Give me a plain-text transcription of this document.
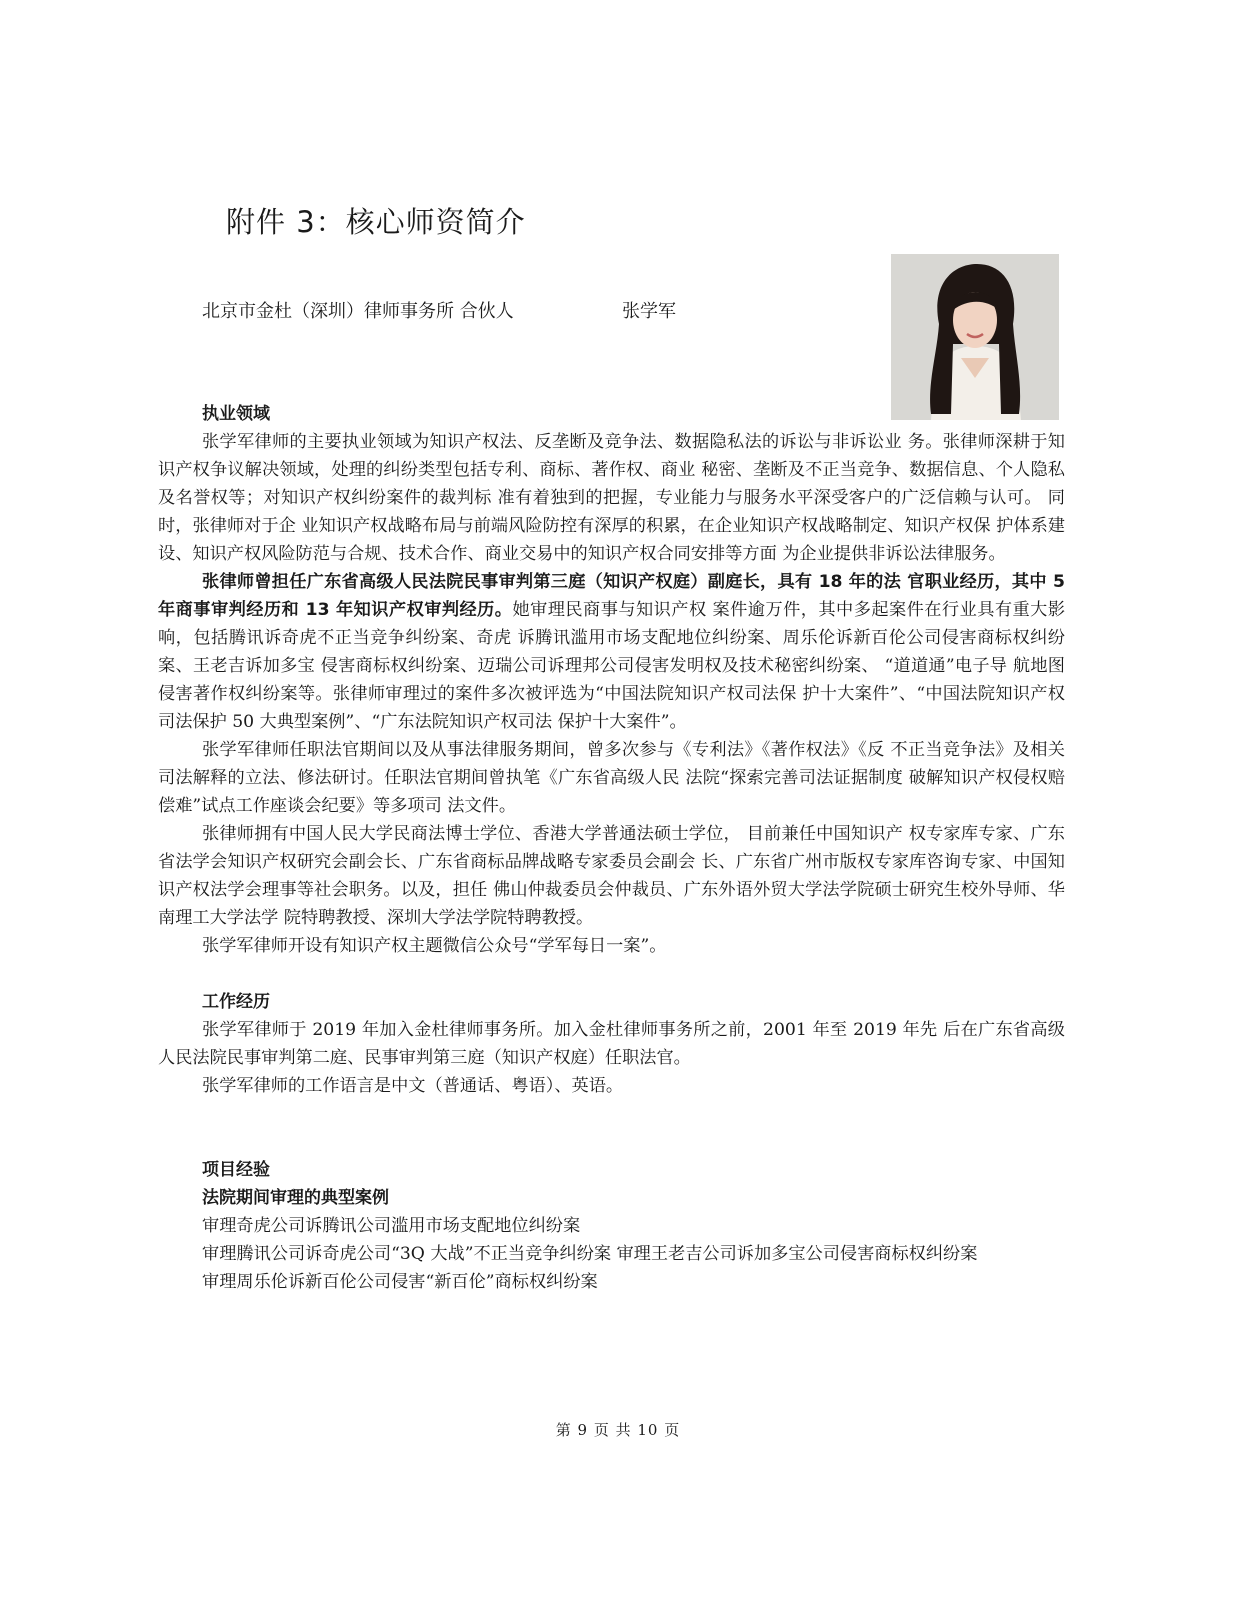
附件 3：核心师资简介
北京市金杜（深圳）律师事务所 合伙人	张学军
执业领域

张学军律师的主要执业领域为知识产权法、反垄断及竞争法、数据隐私法的诉讼与非诉讼业 务。张律师深耕于知识产权争议解决领域，处理的纠纷类型包括专利、商标、著作权、商业 秘密、垄断及不正当竞争、数据信息、个人隐私及名誉权等；对知识产权纠纷案件的裁判标 准有着独到的把握，专业能力与服务水平深受客户的广泛信赖与认可。 同时，张律师对于企 业知识产权战略布局与前端风险防控有深厚的积累，在企业知识产权战略制定、知识产权保 护体系建设、知识产权风险防范与合规、技术合作、商业交易中的知识产权合同安排等方面 为企业提供非诉讼法律服务。

张律师曾担任广东省高级人民法院民事审判第三庭（知识产权庭）副庭长，具有 18 年的法 官职业经历，其中 5 年商事审判经历和 13 年知识产权审判经历。她审理民商事与知识产权 案件逾万件，其中多起案件在行业具有重大影响，包括腾讯诉奇虎不正当竞争纠纷案、奇虎 诉腾讯滥用市场支配地位纠纷案、周乐伦诉新百伦公司侵害商标权纠纷案、王老吉诉加多宝 侵害商标权纠纷案、迈瑞公司诉理邦公司侵害发明权及技术秘密纠纷案、 “道道通”电子导 航地图侵害著作权纠纷案等。张律师审理过的案件多次被评选为“中国法院知识产权司法保 护十大案件”、“中国法院知识产权司法保护 50 大典型案例”、“广东法院知识产权司法 保护十大案件”。

张学军律师任职法官期间以及从事法律服务期间，曾多次参与《专利法》《著作权法》《反 不正当竞争法》及相关司法解释的立法、修法研讨。任职法官期间曾执笔《广东省高级人民 法院“探索完善司法证据制度 破解知识产权侵权赔偿难”试点工作座谈会纪要》等多项司 法文件。

张律师拥有中国人民大学民商法博士学位、香港大学普通法硕士学位， 目前兼任中国知识产 权专家库专家、广东省法学会知识产权研究会副会长、广东省商标品牌战略专家委员会副会 长、广东省广州市版权专家库咨询专家、中国知识产权法学会理事等社会职务。以及，担任 佛山仲裁委员会仲裁员、广东外语外贸大学法学院硕士研究生校外导师、华南理工大学法学 院特聘教授、深圳大学法学院特聘教授。

张学军律师开设有知识产权主题微信公众号“学军每日一案”。

工作经历

张学军律师于 2019 年加入金杜律师事务所。加入金杜律师事务所之前，2001 年至 2019 年先 后在广东省高级人民法院民事审判第二庭、民事审判第三庭（知识产权庭）任职法官。

张学军律师的工作语言是中文（普通话、粤语）、英语。

项目经验
法院期间审理的典型案例

审理奇虎公司诉腾讯公司滥用市场支配地位纠纷案

审理腾讯公司诉奇虎公司“3Q 大战”不正当竞争纠纷案 审理王老吉公司诉加多宝公司侵害商标权纠纷案

审理周乐伦诉新百伦公司侵害“新百伦”商标权纠纷案

第 9 页 共 10 页
